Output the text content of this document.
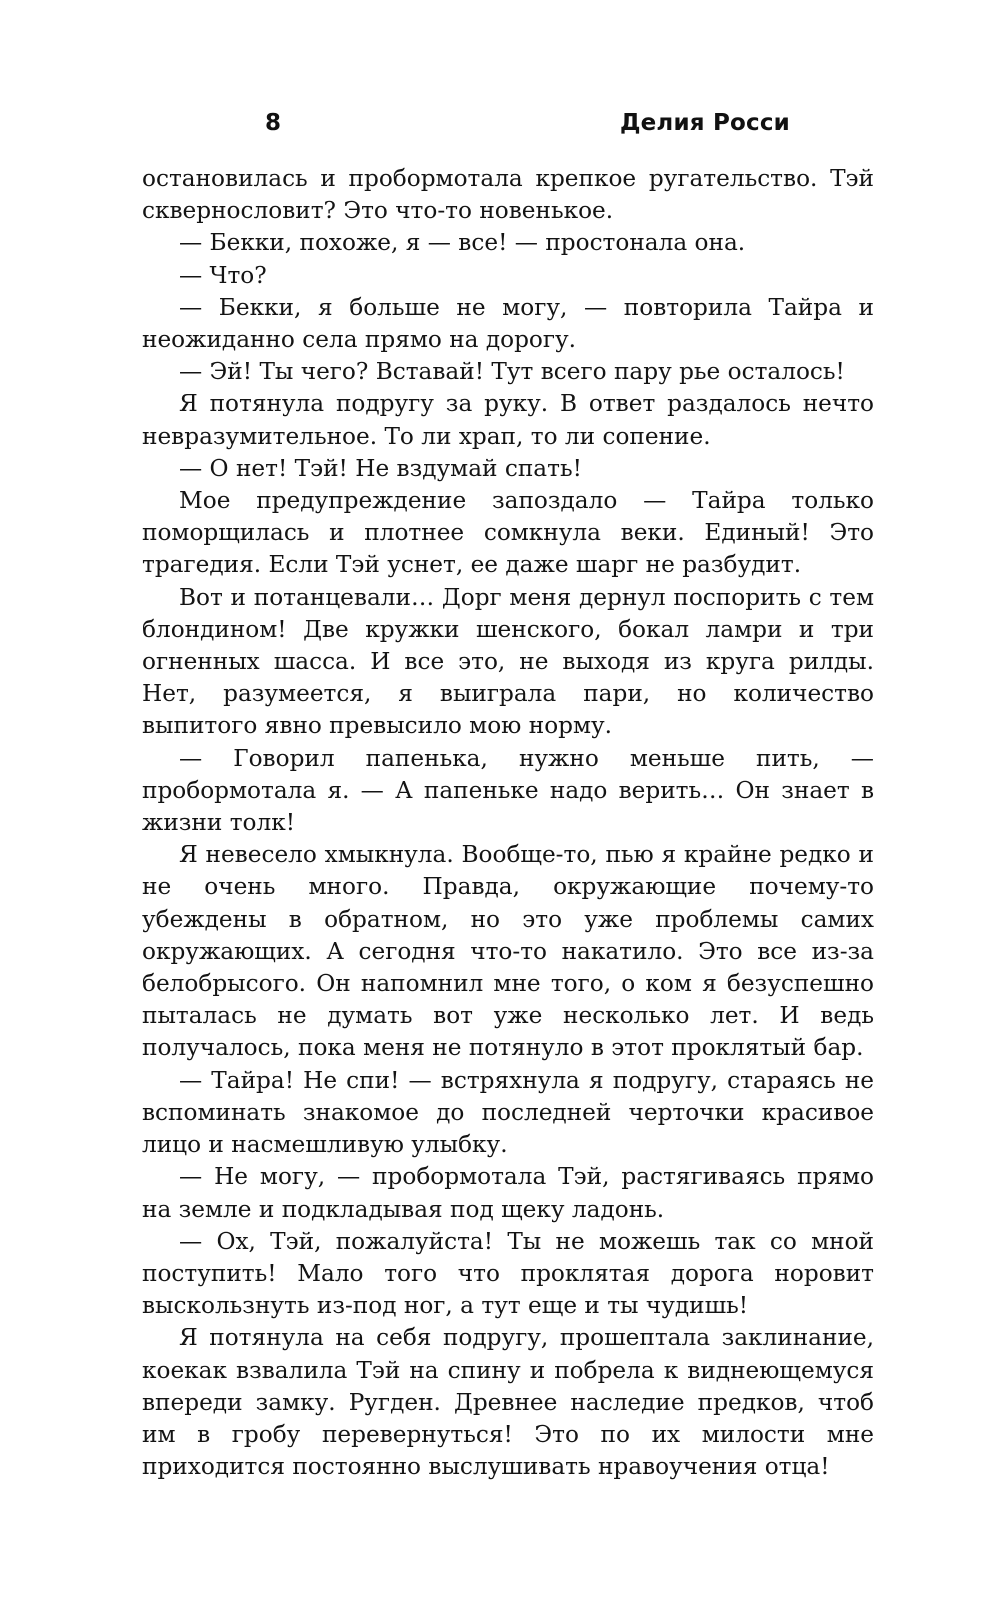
8	Делия Росси

остановилась и пробормотала крепкое ругательство. Тэй сквернословит? Это что-то новенькое.

— Бекки, похоже, я — все! — простонала она.

— Что?

— Бекки, я больше не могу, — повторила Тайра и неожиданно села прямо на дорогу.

— Эй! Ты чего? Вставай! Тут всего пару рье осталось!

Я потянула подругу за руку. В ответ раздалось нечто невразумительное. То ли храп, то ли сопение.

— О нет! Тэй! Не вздумай спать!

Мое предупреждение запоздало — Тайра только поморщилась и плотнее сомкнула веки. Единый! Это трагедия. Если Тэй уснет, ее даже шарг не разбудит.

Вот и потанцевали… Дорг меня дернул поспорить с тем блондином! Две кружки шенского, бокал ламри и три огненных шасса. И все это, не выходя из круга рилды. Нет, разумеется, я выиграла пари, но количество выпитого явно превысило мою норму.

— Говорил папенька, нужно меньше пить, — пробормотала я. — А папеньке надо верить… Он знает в жизни толк!

Я невесело хмыкнула. Вообще-то, пью я крайне редко и не очень много. Правда, окружающие почему-то убеждены в обратном, но это уже проблемы самих окружающих. А сегодня что-то накатило. Это все из-за белобрысого. Он напомнил мне того, о ком я безуспешно пыталась не думать вот уже несколько лет. И ведь получалось, пока меня не потянуло в этот проклятый бар.

— Тайра! Не спи! — встряхнула я подругу, стараясь не вспоминать знакомое до последней черточки красивое лицо и насмешливую улыбку.

— Не могу, — пробормотала Тэй, растягиваясь прямо на земле и подкладывая под щеку ладонь.

— Ох, Тэй, пожалуйста! Ты не можешь так со мной поступить! Мало того что проклятая дорога норовит выскользнуть из-под ног, а тут еще и ты чудишь!

Я потянула на себя подругу, прошептала заклинание, коекак взвалила Тэй на спину и побрела к виднеющемуся впереди замку. Ругден. Древнее наследие предков, чтоб им в гробу перевернуться! Это по их милости мне приходится постоянно выслушивать нравоучения отца!
